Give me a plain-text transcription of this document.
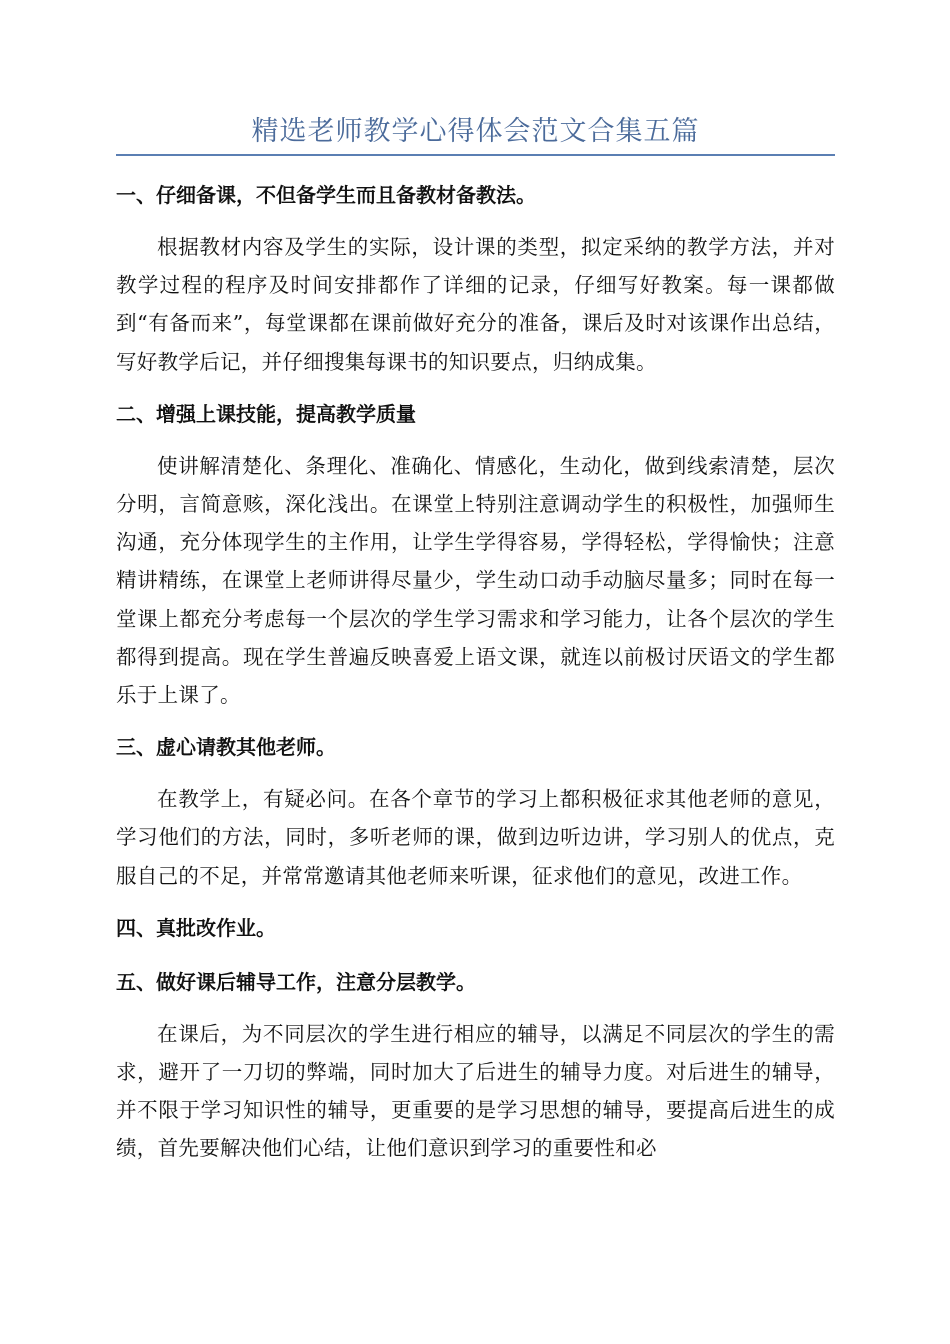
精选老师教学心得体会范文合集五篇

一、仔细备课，不但备学生而且备教材备教法。

根据教材内容及学生的实际，设计课的类型，拟定采纳的教学方法，并对教学过程的程序及时间安排都作了详细的记录，仔细写好教案。每一课都做到“有备而来”，每堂课都在课前做好充分的准备，课后及时对该课作出总结，写好教学后记，并仔细搜集每课书的知识要点，归纳成集。

二、增强上课技能，提高教学质量

使讲解清楚化、条理化、准确化、情感化，生动化，做到线索清楚，层次分明，言简意赅，深化浅出。在课堂上特别注意调动学生的积极性，加强师生沟通，充分体现学生的主作用，让学生学得容易，学得轻松，学得愉快；注意精讲精练，在课堂上老师讲得尽量少，学生动口动手动脑尽量多；同时在每一堂课上都充分考虑每一个层次的学生学习需求和学习能力，让各个层次的学生都得到提高。现在学生普遍反映喜爱上语文课，就连以前极讨厌语文的学生都乐于上课了。

三、虚心请教其他老师。

在教学上，有疑必问。在各个章节的学习上都积极征求其他老师的意见，学习他们的方法，同时，多听老师的课，做到边听边讲，学习别人的优点，克服自己的不足，并常常邀请其他老师来听课，征求他们的意见，改进工作。

四、真批改作业。

五、做好课后辅导工作，注意分层教学。

在课后，为不同层次的学生进行相应的辅导，以满足不同层次的学生的需求，避开了一刀切的弊端，同时加大了后进生的辅导力度。对后进生的辅导，并不限于学习知识性的辅导，更重要的是学习思想的辅导，要提高后进生的成绩，首先要解决他们心结，让他们意识到学习的重要性和必
